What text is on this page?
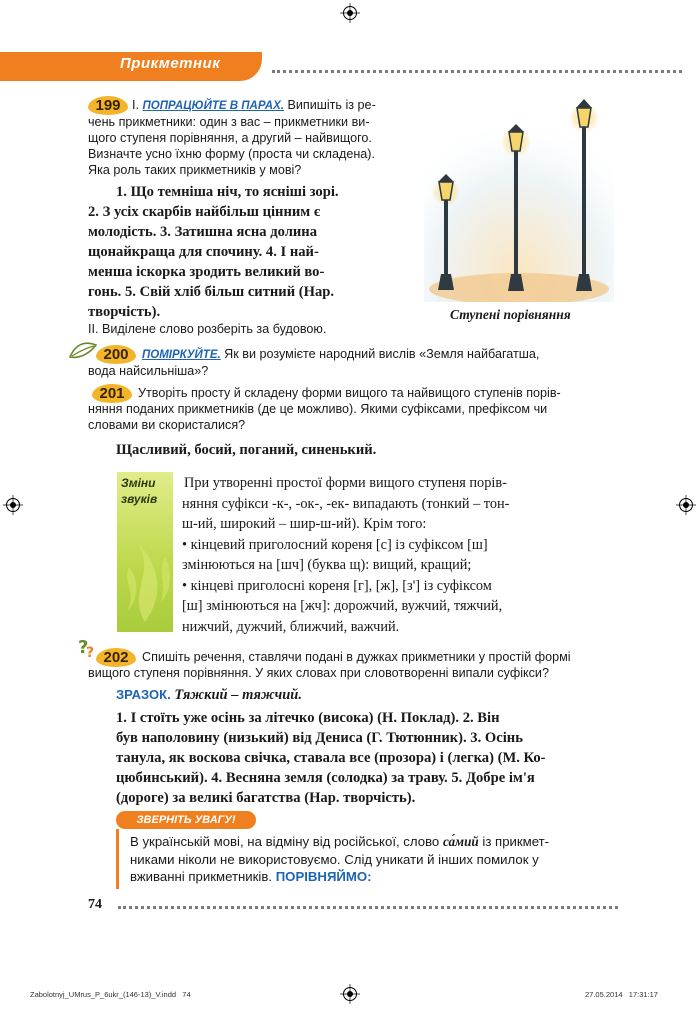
Прикметник
199 І. ПОПРАЦЮЙТЕ В ПАРАХ. Випишіть із ре-
чень прикметники: один з вас – прикметники ви-
щого ступеня порівняння, а другий – найвищого.
Визначте усно їхню форму (проста чи складена).
Яка роль таких прикметників у мові?
1. Що темніша ніч, то ясніші зорі.
2. З усіх скарбів найбільш цінним є
молодість. 3. Затишна ясна долина
щонайкраща для спочину. 4. І най-
менша іскорка зродить великий во-
гонь. 5. Свій хліб більш ситний (Нар.
творчість).
ІІ. Виділене слово розберіть за будовою.
Ступені порівняння
200	ПОМІРКУЙТЕ. Як ви розумієте народний вислів «Земля найбагатша,
вода найсильніша»?
201	Утворіть просту й складену форми вищого та найвищого ступенів порів-
няння поданих прикметників (де це можливо). Якими суфіксами, префіксом чи
словами ви скористалися?
Щасливий, босий, поганий, синенький.
Зміни
звуків
При утворенні простої форми вищого ступеня порів-
няння суфікси -к-, -ок-, -ек- випадають (тонкий – тон-
ш-ий, широкий – шир-ш-ий). Крім того:
• кінцевий приголосний кореня [с] із суфіксом [ш]
змінюються на [шч] (буква щ): вищий, кращий;
• кінцеві приголосні кореня [г], [ж], [з'] із суфіксом
[ш] змінюються на [жч]: дорожчий, вужчий, тяжчий,
нижчий, дужчий, ближчий, важчий.
?
? 202	Спишіть речення, ставлячи подані в дужках прикметники у простій формі
вищого ступеня порівняння. У яких словах при словотворенні випали суфікси?
ЗРАЗОК. Тяжкий – тяжчий.
1. І стоїть уже осінь за літечко (висока) (Н. Поклад). 2. Він
був наполовину (низький) від Дениса (Г. Тютюнник). 3. Осінь
танула, як воскова свічка, ставала все (прозора) і (легка) (М. Ко-
цюбинський). 4. Весняна земля (солодка) за траву. 5. Добре ім'я
(дороге) за великі багатства (Нар. творчість).
ЗВЕРНІТЬ УВАГУ!
В українській мові, на відміну від російської, слово са́мий із прикмет-
никами ніколи не використовуємо. Слід уникати й інших помилок у
вживанні прикметників. ПОРІВНЯЙМО:
74
Zabolotnyj_UMrus_P_6ukr_(146-13)_V.indd   74	27.05.2014   17:31:17
